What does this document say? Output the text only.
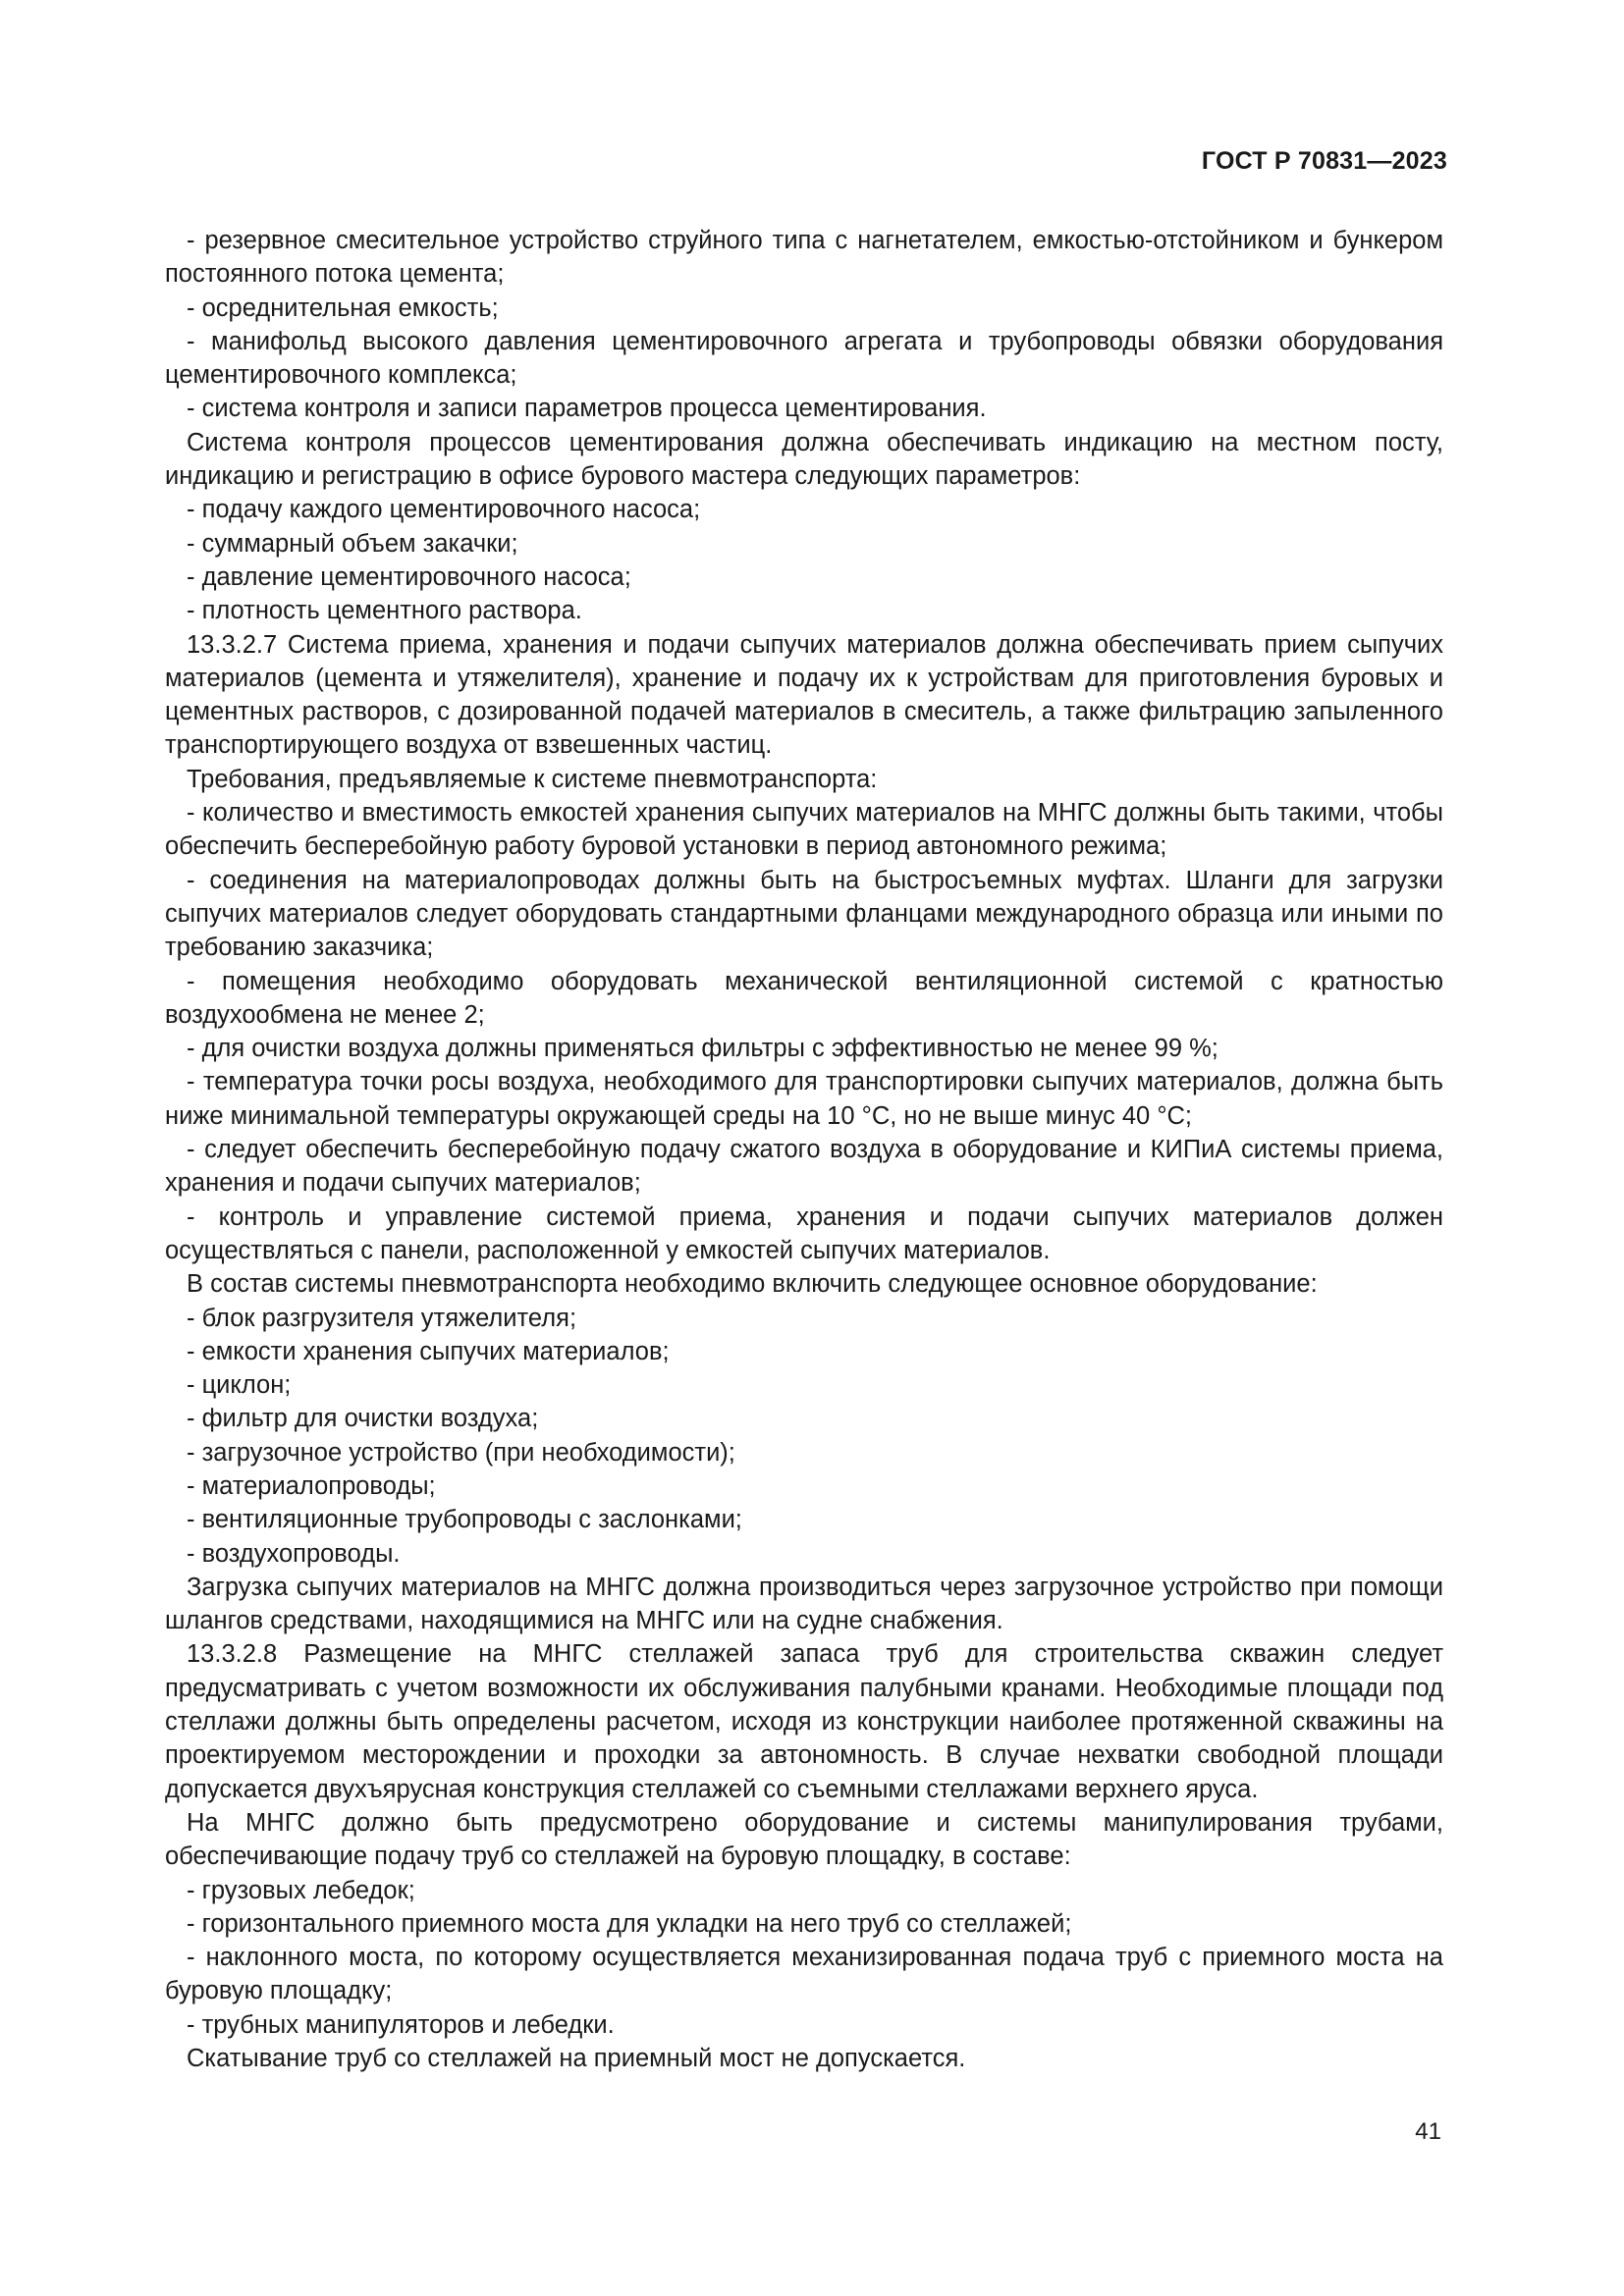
ГОСТ Р 70831—2023

- резервное смесительное устройство струйного типа с нагнетателем, емкостью-отстойником и бункером постоянного потока цемента;

- осреднительная емкость;

- манифольд высокого давления цементировочного агрегата и трубопроводы обвязки оборудования цементировочного комплекса;

- система контроля и записи параметров процесса цементирования.

Система контроля процессов цементирования должна обеспечивать индикацию на местном посту, индикацию и регистрацию в офисе бурового мастера следующих параметров:

- подачу каждого цементировочного насоса;

- суммарный объем закачки;

- давление цементировочного насоса;

- плотность цементного раствора.

13.3.2.7 Система приема, хранения и подачи сыпучих материалов должна обеспечивать прием сыпучих материалов (цемента и утяжелителя), хранение и подачу их к устройствам для приготовления буровых и цементных растворов, с дозированной подачей материалов в смеситель, а также фильтрацию запыленного транспортирующего воздуха от взвешенных частиц.

Требования, предъявляемые к системе пневмотранспорта:

- количество и вместимость емкостей хранения сыпучих материалов на МНГС должны быть такими, чтобы обеспечить бесперебойную работу буровой установки в период автономного режима;

- соединения на материалопроводах должны быть на быстросъемных муфтах. Шланги для загрузки сыпучих материалов следует оборудовать стандартными фланцами международного образца или иными по требованию заказчика;

- помещения необходимо оборудовать механической вентиляционной системой с кратностью воздухообмена не менее 2;

- для очистки воздуха должны применяться фильтры с эффективностью не менее 99 %;

- температура точки росы воздуха, необходимого для транспортировки сыпучих материалов, должна быть ниже минимальной температуры окружающей среды на 10 °С, но не выше минус 40 °С;

- следует обеспечить бесперебойную подачу сжатого воздуха в оборудование и КИПиА системы приема, хранения и подачи сыпучих материалов;

- контроль и управление системой приема, хранения и подачи сыпучих материалов должен осуществляться с панели, расположенной у емкостей сыпучих материалов.

В состав системы пневмотранспорта необходимо включить следующее основное оборудование:

- блок разгрузителя утяжелителя;

- емкости хранения сыпучих материалов;

- циклон;

- фильтр для очистки воздуха;

- загрузочное устройство (при необходимости);

- материалопроводы;

- вентиляционные трубопроводы с заслонками;

- воздухопроводы.

Загрузка сыпучих материалов на МНГС должна производиться через загрузочное устройство при помощи шлангов средствами, находящимися на МНГС или на судне снабжения.

13.3.2.8 Размещение на МНГС стеллажей запаса труб для строительства скважин следует предусматривать с учетом возможности их обслуживания палубными кранами. Необходимые площади под стеллажи должны быть определены расчетом, исходя из конструкции наиболее протяженной скважины на проектируемом месторождении и проходки за автономность. В случае нехватки свободной площади допускается двухъярусная конструкция стеллажей со съемными стеллажами верхнего яруса.

На МНГС должно быть предусмотрено оборудование и системы манипулирования трубами, обеспечивающие подачу труб со стеллажей на буровую площадку, в составе:

- грузовых лебедок;

- горизонтального приемного моста для укладки на него труб со стеллажей;

- наклонного моста, по которому осуществляется механизированная подача труб с приемного моста на буровую площадку;

- трубных манипуляторов и лебедки.

Скатывание труб со стеллажей на приемный мост не допускается.

41
